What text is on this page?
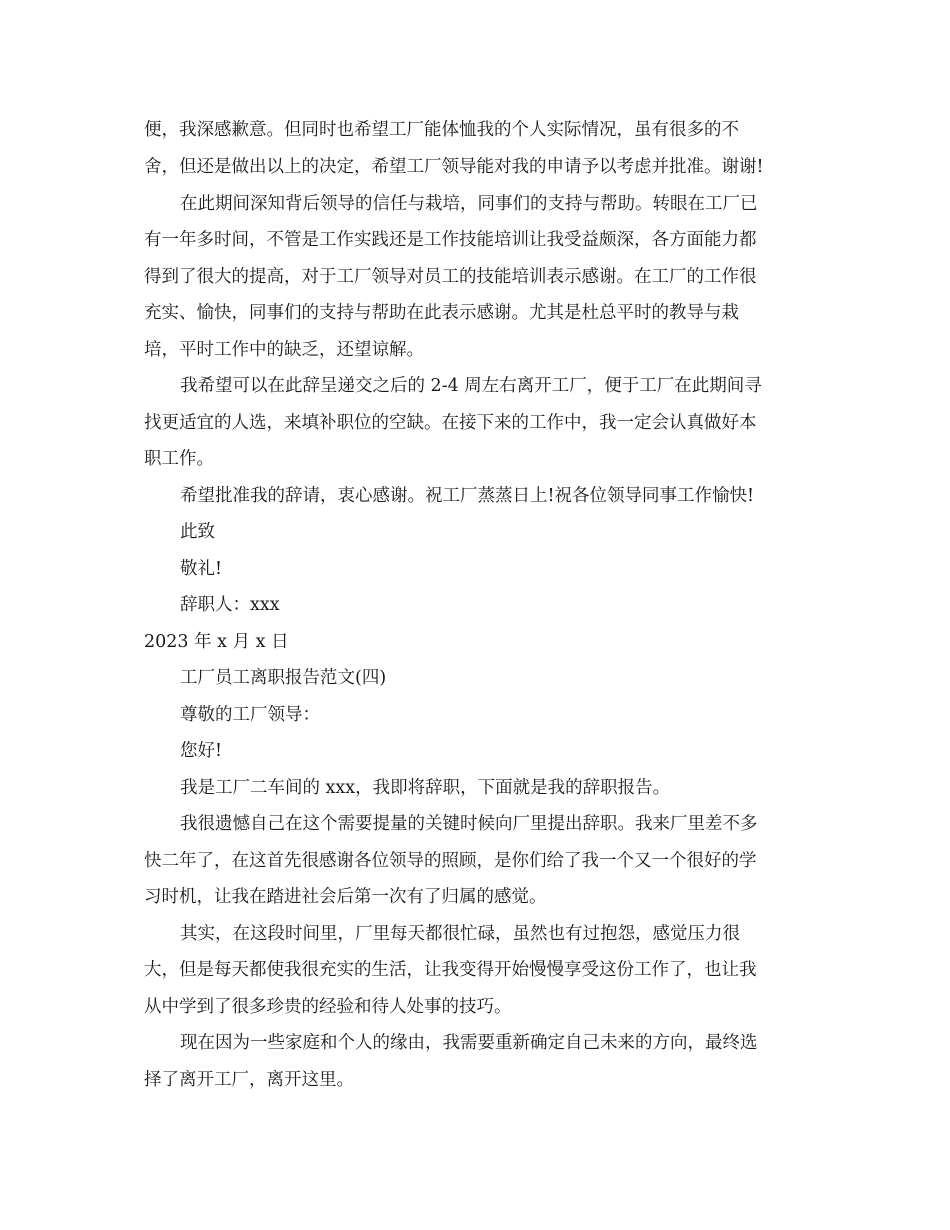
便，我深感歉意。但同时也希望工厂能体恤我的个人实际情况，虽有很多的不

舍，但还是做出以上的决定，希望工厂领导能对我的申请予以考虑并批准。谢谢!

在此期间深知背后领导的信任与栽培，同事们的支持与帮助。转眼在工厂已

有一年多时间，不管是工作实践还是工作技能培训让我受益颇深，各方面能力都

得到了很大的提高，对于工厂领导对员工的技能培训表示感谢。在工厂的工作很

充实、愉快，同事们的支持与帮助在此表示感谢。尤其是杜总平时的教导与栽

培，平时工作中的缺乏，还望谅解。

我希望可以在此辞呈递交之后的 2-4 周左右离开工厂，便于工厂在此期间寻

找更适宜的人选，来填补职位的空缺。在接下来的工作中，我一定会认真做好本

职工作。

希望批准我的辞请，衷心感谢。祝工厂蒸蒸日上!祝各位领导同事工作愉快!

此致

敬礼!

辞职人：xxx

2023 年 x 月 x 日

工厂员工离职报告范文(四)

尊敬的工厂领导：

您好!

我是工厂二车间的 xxx，我即将辞职，下面就是我的辞职报告。

我很遗憾自己在这个需要提量的关键时候向厂里提出辞职。我来厂里差不多

快二年了，在这首先很感谢各位领导的照顾，是你们给了我一个又一个很好的学

习时机，让我在踏进社会后第一次有了归属的感觉。

其实，在这段时间里，厂里每天都很忙碌，虽然也有过抱怨，感觉压力很

大，但是每天都使我很充实的生活，让我变得开始慢慢享受这份工作了，也让我

从中学到了很多珍贵的经验和待人处事的技巧。

现在因为一些家庭和个人的缘由，我需要重新确定自己未来的方向，最终选

择了离开工厂，离开这里。
